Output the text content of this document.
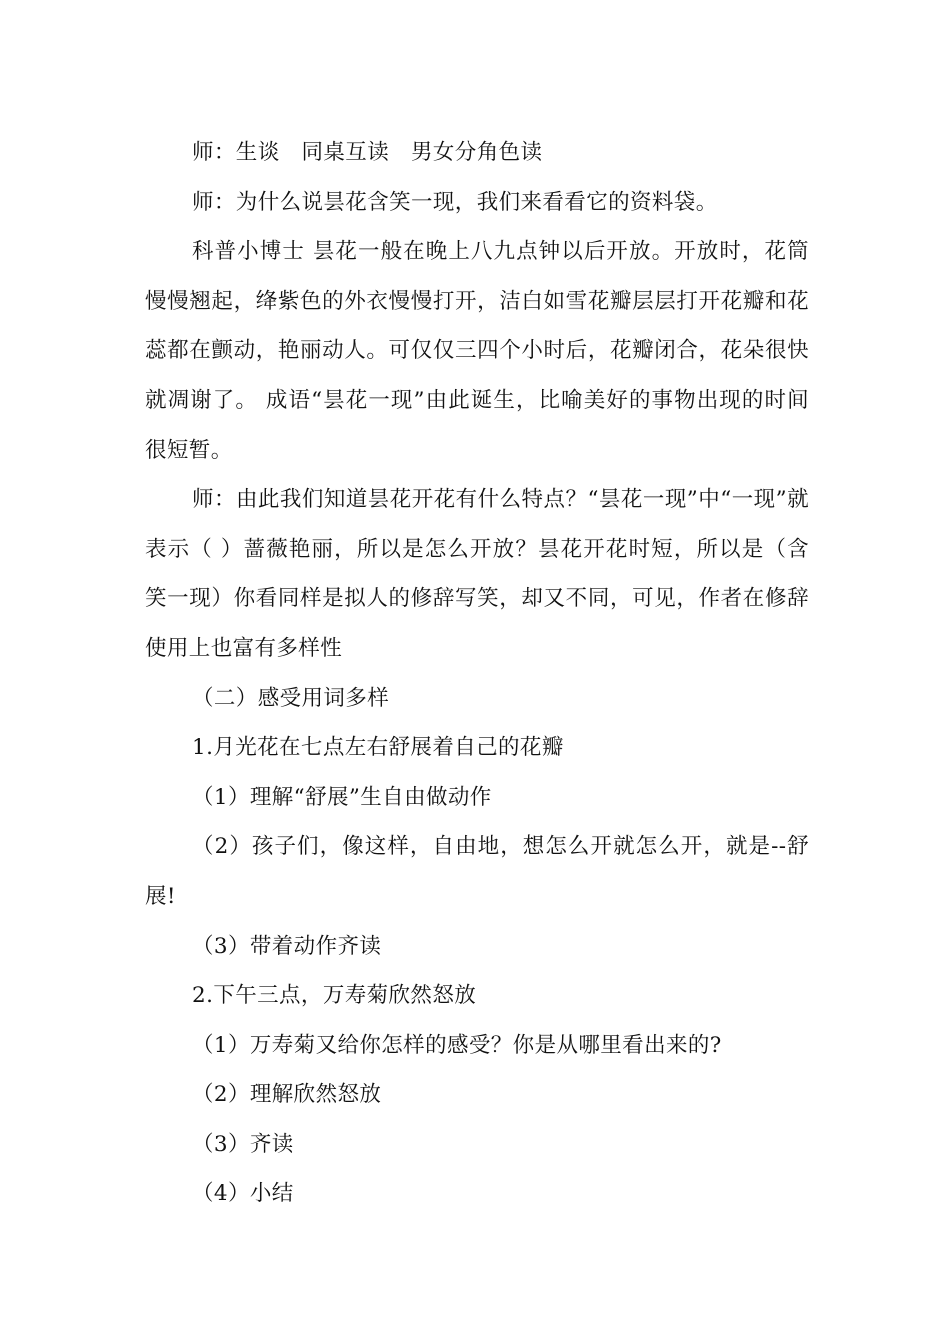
师：生谈　同桌互读　男女分角色读

师：为什么说昙花含笑一现，我们来看看它的资料袋。

科普小博士 昙花一般在晚上八九点钟以后开放。开放时，花筒慢慢翘起，绛紫色的外衣慢慢打开，洁白如雪花瓣层层打开花瓣和花蕊都在颤动，艳丽动人。可仅仅三四个小时后，花瓣闭合，花朵很快就凋谢了。 成语“昙花一现”由此诞生，比喻美好的事物出现的时间很短暂。

师：由此我们知道昙花开花有什么特点？“昙花一现”中“一现”就表示（ ）蔷薇艳丽，所以是怎么开放？昙花开花时短，所以是（含笑一现）你看同样是拟人的修辞写笑，却又不同，可见，作者在修辞使用上也富有多样性

（二）感受用词多样

1.月光花在七点左右舒展着自己的花瓣

（1）理解“舒展”生自由做动作

（2）孩子们，像这样，自由地，想怎么开就怎么开，就是--舒展!

（3）带着动作齐读

2.下午三点，万寿菊欣然怒放

（1）万寿菊又给你怎样的感受？你是从哪里看出来的?

（2）理解欣然怒放

（3）齐读

（4）小结
